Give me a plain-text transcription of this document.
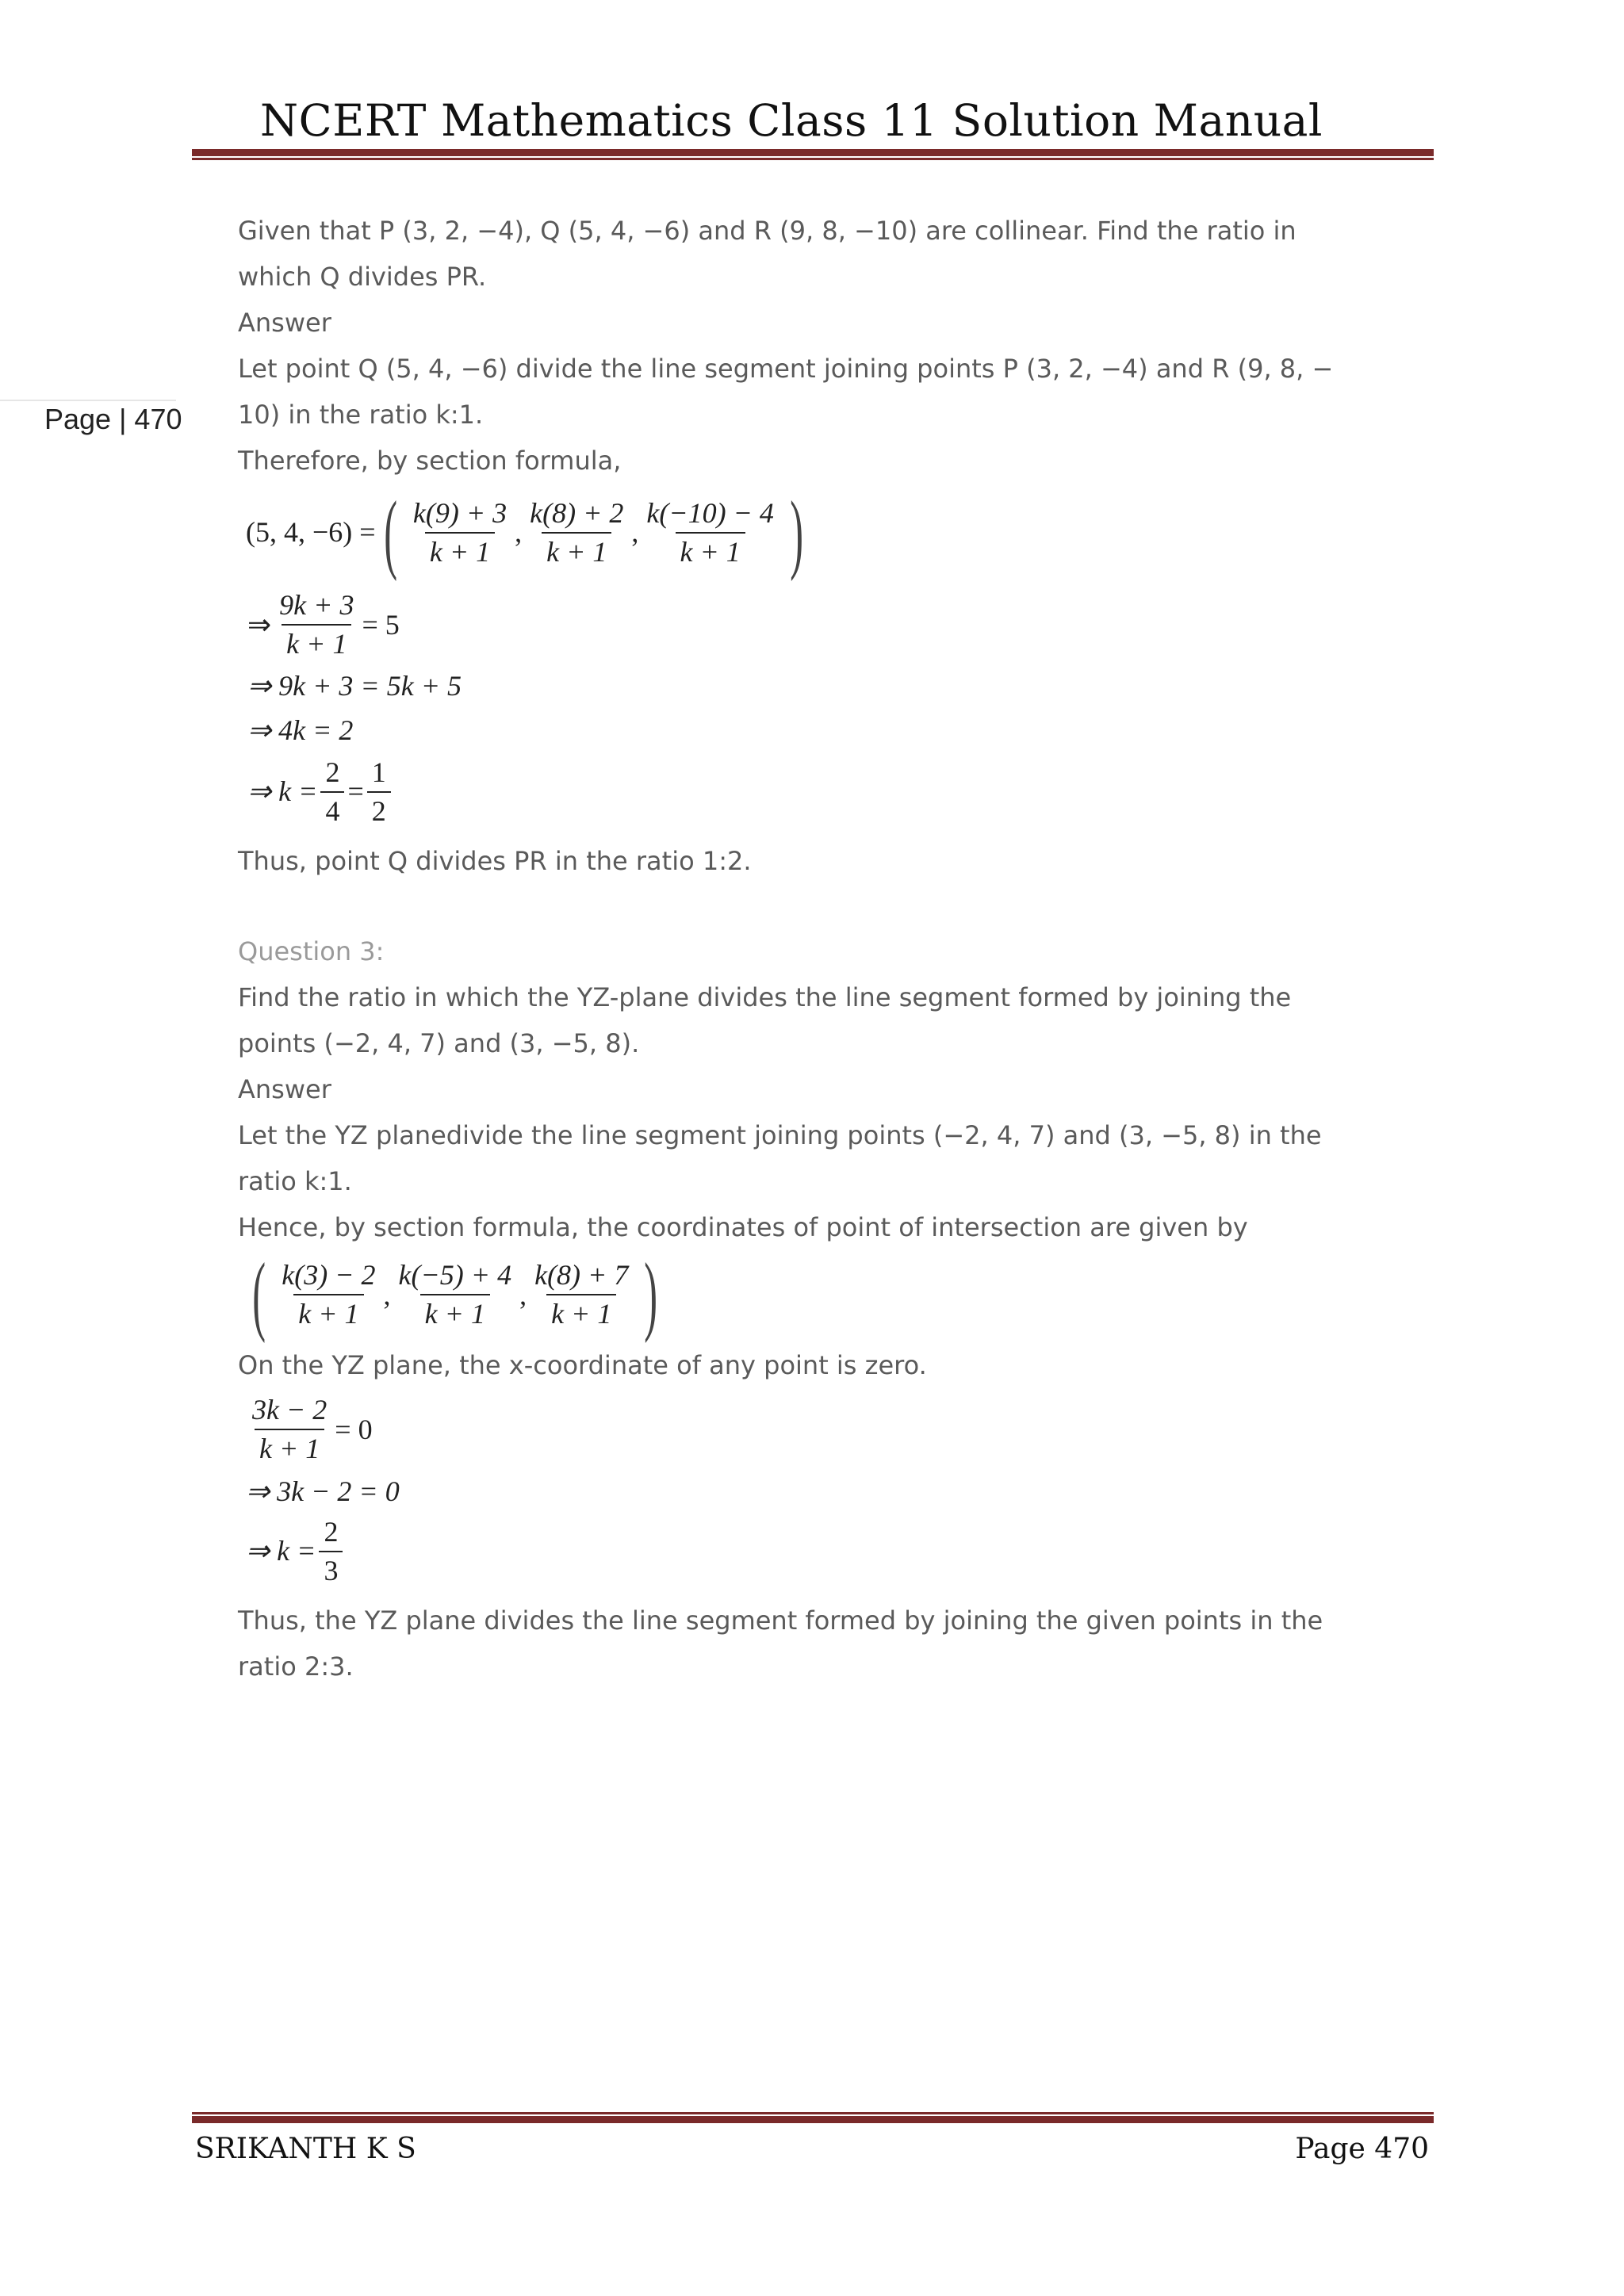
NCERT Mathematics Class 11 Solution Manual
Page | 470

Given that P (3, 2, −4), Q (5, 4, −6) and R (9, 8, −10) are collinear. Find the ratio in

which Q divides PR.

Answer

Let point Q (5, 4, −6) divide the line segment joining points P (3, 2, −4) and R (9, 8, −

10) in the ratio k:1.

Therefore, by section formula,

(5, 4, −6) = ( $\frac{k(9) + 3}{k + 1}$ , $\frac{k(8) + 2}{k + 1}$ , $\frac{k(-10) - 4}{k + 1}$ )
⇒ $\frac{9k + 3}{k + 1} = 5$
⇒ 9k + 3 = 5k + 5
⇒ 4k = 2
⇒ $k = \frac{2}{4} = \frac{1}{2}$

Thus, point Q divides PR in the ratio 1:2.

Question 3:

Find the ratio in which the YZ-plane divides the line segment formed by joining the

points (−2, 4, 7) and (3, −5, 8).

Answer

Let the YZ planedivide the line segment joining points (−2, 4, 7) and (3, −5, 8) in the

ratio k:1.

Hence, by section formula, the coordinates of point of intersection are given by

( $\frac{k(3) - 2}{k + 1}$ , $\frac{k(-5) + 4}{k + 1}$ , $\frac{k(8) + 7}{k + 1}$ )

On the YZ plane, the x-coordinate of any point is zero.

$\frac{3k - 2}{k + 1} = 0$
⇒ 3k − 2 = 0
⇒ $k = \frac{2}{3}$

Thus, the YZ plane divides the line segment formed by joining the given points in the

ratio 2:3.

SRIKANTH K S	Page 470
